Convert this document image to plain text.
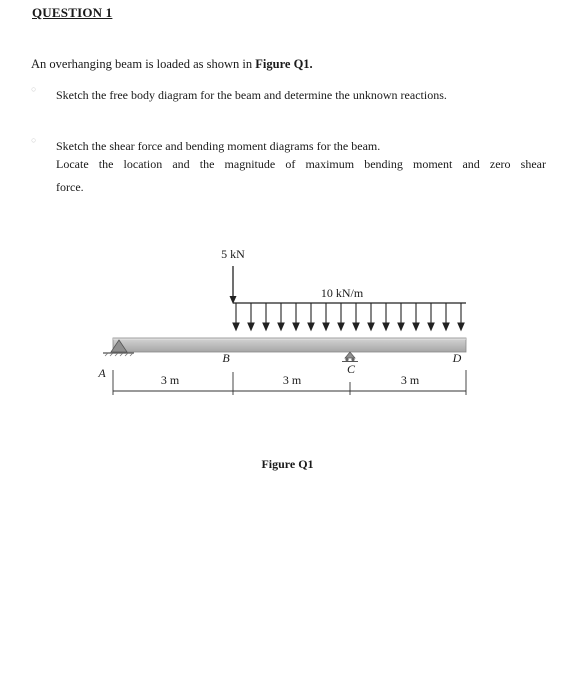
QUESTION 1
An overhanging beam is loaded as shown in Figure Q1.
○ Sketch the free body diagram for the beam and determine the unknown reactions.
○ Sketch the shear force and bending moment diagrams for the beam.
Locate the location and the magnitude of maximum bending moment and zero shear
force.
10 kN/m
5 kN
A
B
C
D
3 m	3 m	3 m
Figure Q1
